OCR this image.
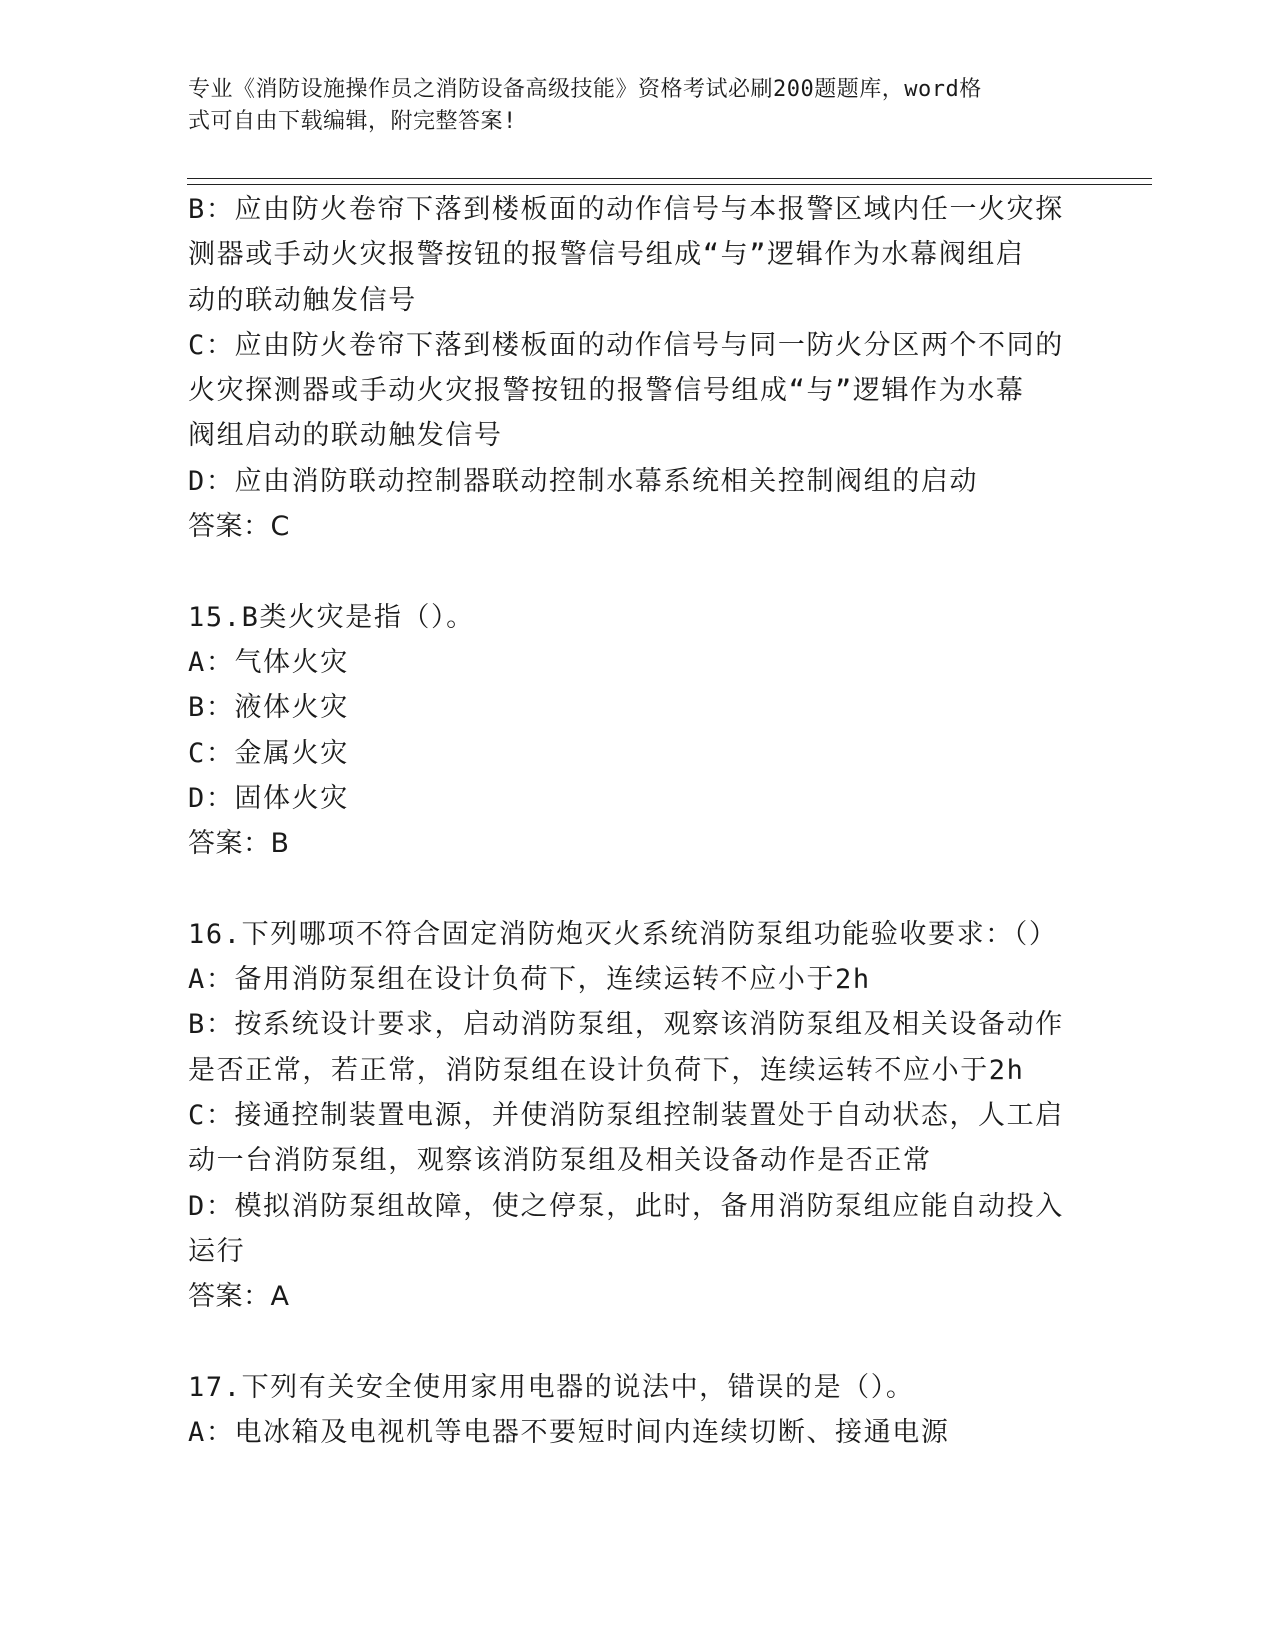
专业《消防设施操作员之消防设备高级技能》资格考试必刷200题题库，word格
式可自由下载编辑，附完整答案!
B：应由防火卷帘下落到楼板面的动作信号与本报警区域内任一火灾探
测器或手动火灾报警按钮的报警信号组成“与”逻辑作为水幕阀组启
动的联动触发信号
C：应由防火卷帘下落到楼板面的动作信号与同一防火分区两个不同的
火灾探测器或手动火灾报警按钮的报警信号组成“与”逻辑作为水幕
阀组启动的联动触发信号
D：应由消防联动控制器联动控制水幕系统相关控制阀组的启动
答案：C
15.B类火灾是指（）。
A：气体火灾
B：液体火灾
C：金属火灾
D：固体火灾
答案：B
16.下列哪项不符合固定消防炮灭火系统消防泵组功能验收要求：（）
A：备用消防泵组在设计负荷下，连续运转不应小于2h
B：按系统设计要求，启动消防泵组，观察该消防泵组及相关设备动作
是否正常，若正常，消防泵组在设计负荷下，连续运转不应小于2h
C：接通控制装置电源，并使消防泵组控制装置处于自动状态，人工启
动一台消防泵组，观察该消防泵组及相关设备动作是否正常
D：模拟消防泵组故障，使之停泵，此时，备用消防泵组应能自动投入
运行
答案：A
17.下列有关安全使用家用电器的说法中，错误的是（）。
A：电冰箱及电视机等电器不要短时间内连续切断、接通电源
